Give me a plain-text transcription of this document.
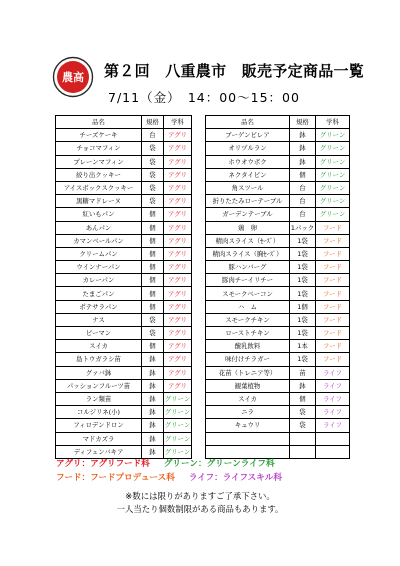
農高 第２回　八重農市　販売予定商品一覧
7/11（金）　14：00〜15：00
品名	規格	学科
チーズケーキ	台	アグリ
チョコマフィン	袋	アグリ
プレーンマフィン	袋	アグリ
絞り出クッキー	袋	アグリ
アイスボックスクッキー	袋	アグリ
黒糖マドレーヌ	袋	アグリ
紅いもパン	個	アグリ
あんパン	個	アグリ
カマンベールパン	個	アグリ
クリームパン	個	アグリ
ウインナーパン	個	アグリ
カレーパン	個	アグリ
たまごパン	個	アグリ
ポテサラパン	個	アグリ
ナス	袋	アグリ
ピーマン	袋	アグリ
スイカ	個	アグリ
島トウガラシ苗	鉢	アグリ
グァバ鉢	鉢	アグリ
パッションフルーツ苗	鉢	アグリ
ラン類苗	鉢	グリーン
コルジリネ(小)	鉢	グリーン
フィロデンドロン	鉢	グリーン
マドカズラ	鉢	グリーン
ディフェンバキア	鉢	グリーン
品名	規格	学科
ブーゲンビレア	鉢	グリーン
オリヅルラン	鉢	グリーン
ホウオウボク	鉢	グリーン
ネクタイピン	個	グリーン
角スツール	台	グリーン
折りたたみローテーブル	台	グリーン
ガーデンテーブル	台	グリーン
鶏　卵	1パック	フード
精肉スライス（ｾｰｽﾞ）	1袋	フード
精肉スライス（胸ｾｰｽﾞ）	1袋	フード
豚ハンバーグ	1袋	フード
豚肉チーイリチー	1袋	フード
スモークベーコン	1袋	フード
ハ　ム	1個	フード
スモークチキン	1袋	フード
ローストチキン	1袋	フード
醗乳飲料	1本	フード
味付けチラガー	1袋	フード
花苗（トレニア等）	苗	ライフ
観葉植物	鉢	ライフ
スイカ	個	ライフ
ニラ	袋	ライフ
キュウリ	袋	ライフ

アグリ：アグリフード科 グリーン：グリーンライフ科
フード：フードプロデュース科 ライフ：ライフスキル科
※数には限りがありますご了承下さい。
一人当たり個数制限がある商品もあります。
